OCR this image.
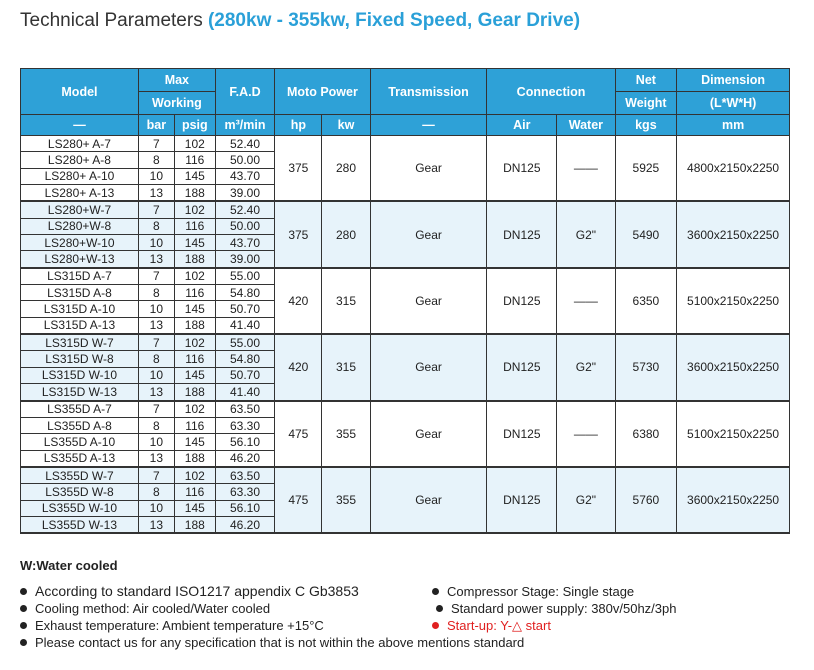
Technical Parameters (280kw - 355kw, Fixed Speed, Gear Drive)
Model	Max		F.A.D	Moto Power		Transmission	Connection		Net	Dimension
	Working								Weight	(L*W*H)
—	bar	psig	m³/min	hp	kw	—	Air	Water	kgs	mm
LS280+ A-7	7	102	52.40	375	280	Gear	DN125	——	5925	4800x2150x2250
LS280+ A-8	8	116	50.00							
LS280+ A-10	10	145	43.70							
LS280+ A-13	13	188	39.00							
LS280+W-7	7	102	52.40	375	280	Gear	DN125	G2"	5490	3600x2150x2250
LS280+W-8	8	116	50.00							
LS280+W-10	10	145	43.70							
LS280+W-13	13	188	39.00							
LS315D A-7	7	102	55.00	420	315	Gear	DN125	——	6350	5100x2150x2250
LS315D A-8	8	116	54.80							
LS315D A-10	10	145	50.70							
LS315D A-13	13	188	41.40							
LS315D W-7	7	102	55.00	420	315	Gear	DN125	G2"	5730	3600x2150x2250
LS315D W-8	8	116	54.80							
LS315D W-10	10	145	50.70							
LS315D W-13	13	188	41.40							
LS355D A-7	7	102	63.50	475	355	Gear	DN125	——	6380	5100x2150x2250
LS355D A-8	8	116	63.30							
LS355D A-10	10	145	56.10							
LS355D A-13	13	188	46.20							
LS355D W-7	7	102	63.50	475	355	Gear	DN125	G2"	5760	3600x2150x2250
LS355D W-8	8	116	63.30							
LS355D W-10	10	145	56.10							
LS355D W-13	13	188	46.20							
W:Water cooled
According to standard ISO1217 appendix C Gb3853
Cooling method: Air cooled/Water cooled
Exhaust temperature: Ambient temperature +15°C
Please contact us for any specification that is not within the above mentions standard
Compressor Stage: Single stage
Standard power supply: 380v/50hz/3ph
Start-up: Y-△ start
